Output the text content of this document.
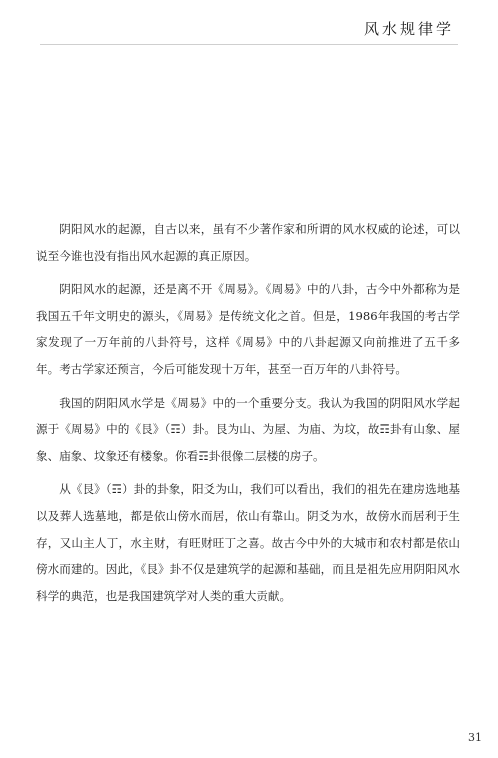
风水规律学

阴阳风水的起源，自古以来，虽有不少著作家和所谓的风水权威的论述，可以说至今谁也没有指出风水起源的真正原因。

阴阳风水的起源，还是离不开《周易》。《周易》中的八卦，古今中外都称为是我国五千年文明史的源头，《周易》是传统文化之首。但是，1986年我国的考古学家发现了一万年前的八卦符号，这样《周易》中的八卦起源又向前推进了五千多年。考古学家还预言，今后可能发现十万年，甚至一百万年的八卦符号。

我国的阴阳风水学是《周易》中的一个重要分支。我认为我国的阴阳风水学起源于《周易》中的《艮》（☶）卦。艮为山、为屋、为庙、为坟，故☶卦有山象、屋象、庙象、坟象还有楼象。你看☶卦很像二层楼的房子。

从《艮》（☶）卦的卦象，阳爻为山，我们可以看出，我们的祖先在建房选地基以及葬人选墓地，都是依山傍水而居，依山有靠山。阴爻为水，故傍水而居利于生存，又山主人丁，水主财，有旺财旺丁之喜。故古今中外的大城市和农村都是依山傍水而建的。因此，《艮》卦不仅是建筑学的起源和基础，而且是祖先应用阴阳风水科学的典范，也是我国建筑学对人类的重大贡献。

31
